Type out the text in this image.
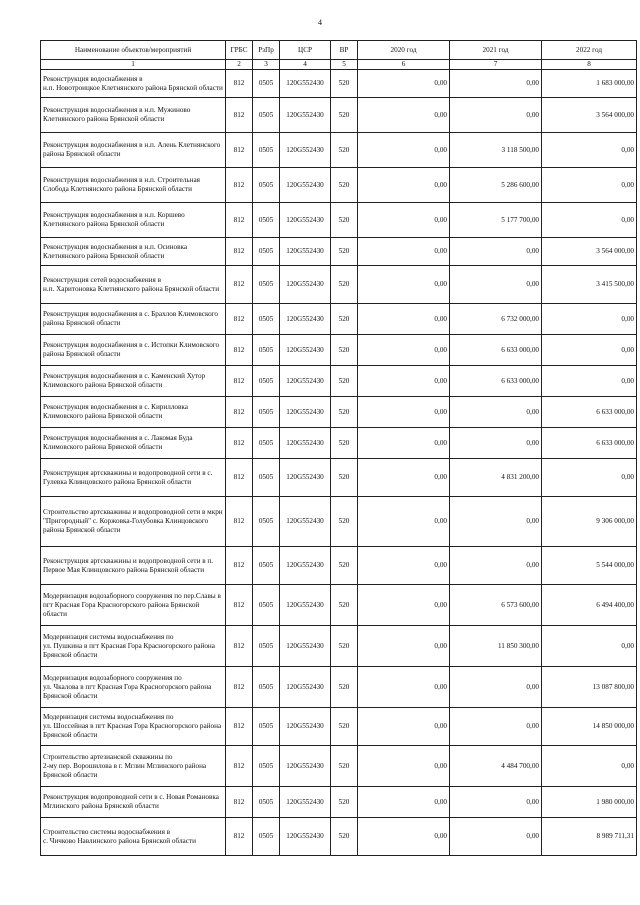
4
Наименование объектов/мероприятий	ГРБС	РзПр	ЦСР	ВР	2020 год	2021 год	2022 год
1	2	3	4	5	6	7	8
Реконструкция водоснабжения в
н.п. Новотроицкое Клетнянского района Брянской области	812	0505	120G552430	520	0,00	0,00	1 683 000,00
Реконструкция водоснабжения в н.п. Мужиново Клетнянского района Брянской области	812	0505	120G552430	520	0,00	0,00	3 564 000,00
Реконструкция водоснабжения в н.п. Алень Клетнянского района Брянской области	812	0505	120G552430	520	0,00	3 118 500,00	0,00
Реконструкция водоснабжения в н.п. Строительная Слобода Клетнянского района Брянской области	812	0505	120G552430	520	0,00	5 286 600,00	0,00
Реконструкция водоснабжения в н.п. Коршево Клетнянского района Брянской области	812	0505	120G552430	520	0,00	5 177 700,00	0,00
Реконструкция водоснабжения в н.п. Осиновка Клетнянского района Брянской области	812	0505	120G552430	520	0,00	0,00	3 564 000,00
Реконструкция сетей водоснабжения в
н.п. Харитоновка Клетнянского района Брянской области	812	0505	120G552430	520	0,00	0,00	3 415 500,00
Реконструкция водоснабжения в с. Брахлов Климовского района Брянской области	812	0505	120G552430	520	0,00	6 732 000,00	0,00
Реконструкция водоснабжения в с. Истопки Климовского района Брянской области	812	0505	120G552430	520	0,00	6 633 000,00	0,00
Реконструкция водоснабжения в с. Каменский Хутор Климовского района Брянской области	812	0505	120G552430	520	0,00	6 633 000,00	0,00
Реконструкция водоснабжения в с. Кирилловка Климовского района Брянской области	812	0505	120G552430	520	0,00	0,00	6 633 000,00
Реконструкция водоснабжения в с. Лакомая Буда Климовского района Брянской области	812	0505	120G552430	520	0,00	0,00	6 633 000,00
Реконструкция артскважины и водопроводной сети в с. Гулевка Клинцовского района Брянской области	812	0505	120G552430	520	0,00	4 831 200,00	0,00
Строительство артскважины и водопроводной сети в мкрн "Пригородный" с. Коржовка-Голубовка Клинцовского района Брянской области	812	0505	120G552430	520	0,00	0,00	9 306 000,00
Реконструкция артскважины и водопроводной сети в п. Первое Мая Клинцовского района Брянской области	812	0505	120G552430	520	0,00	0,00	5 544 000,00
Модернизация водозаборного сооружения по пер.Славы в пгт Красная Гора Красногорского района Брянской области	812	0505	120G552430	520	0,00	6 573 600,00	6 494 400,00
Модернизация системы водоснабжения по
ул. Пушкина в пгт Красная Гора Красногорского района Брянской области	812	0505	120G552430	520	0,00	11 850 300,00	0,00
Модернизация водозаборного сооружения по
ул. Чкалова в пгт Красная Гора Красногорского района Брянской области	812	0505	120G552430	520	0,00	0,00	13 087 800,00
Модернизация системы водоснабжения по
ул. Шоссейная в пгт Красная Гора Красногорского района Брянской области	812	0505	120G552430	520	0,00	0,00	14 850 000,00
Строительство артезианской скважины по
2-му пер. Ворошилова в г. Мглин Мглинского района Брянской области	812	0505	120G552430	520	0,00	4 484 700,00	0,00
Реконструкция водопроводной сети в с. Новая Романовка Мглинского района Брянской области	812	0505	120G552430	520	0,00	0,00	1 980 000,00
Строительство системы водоснабжения в
с. Чичково Навлинского района Брянской области	812	0505	120G552430	520	0,00	0,00	8 989 711,31
